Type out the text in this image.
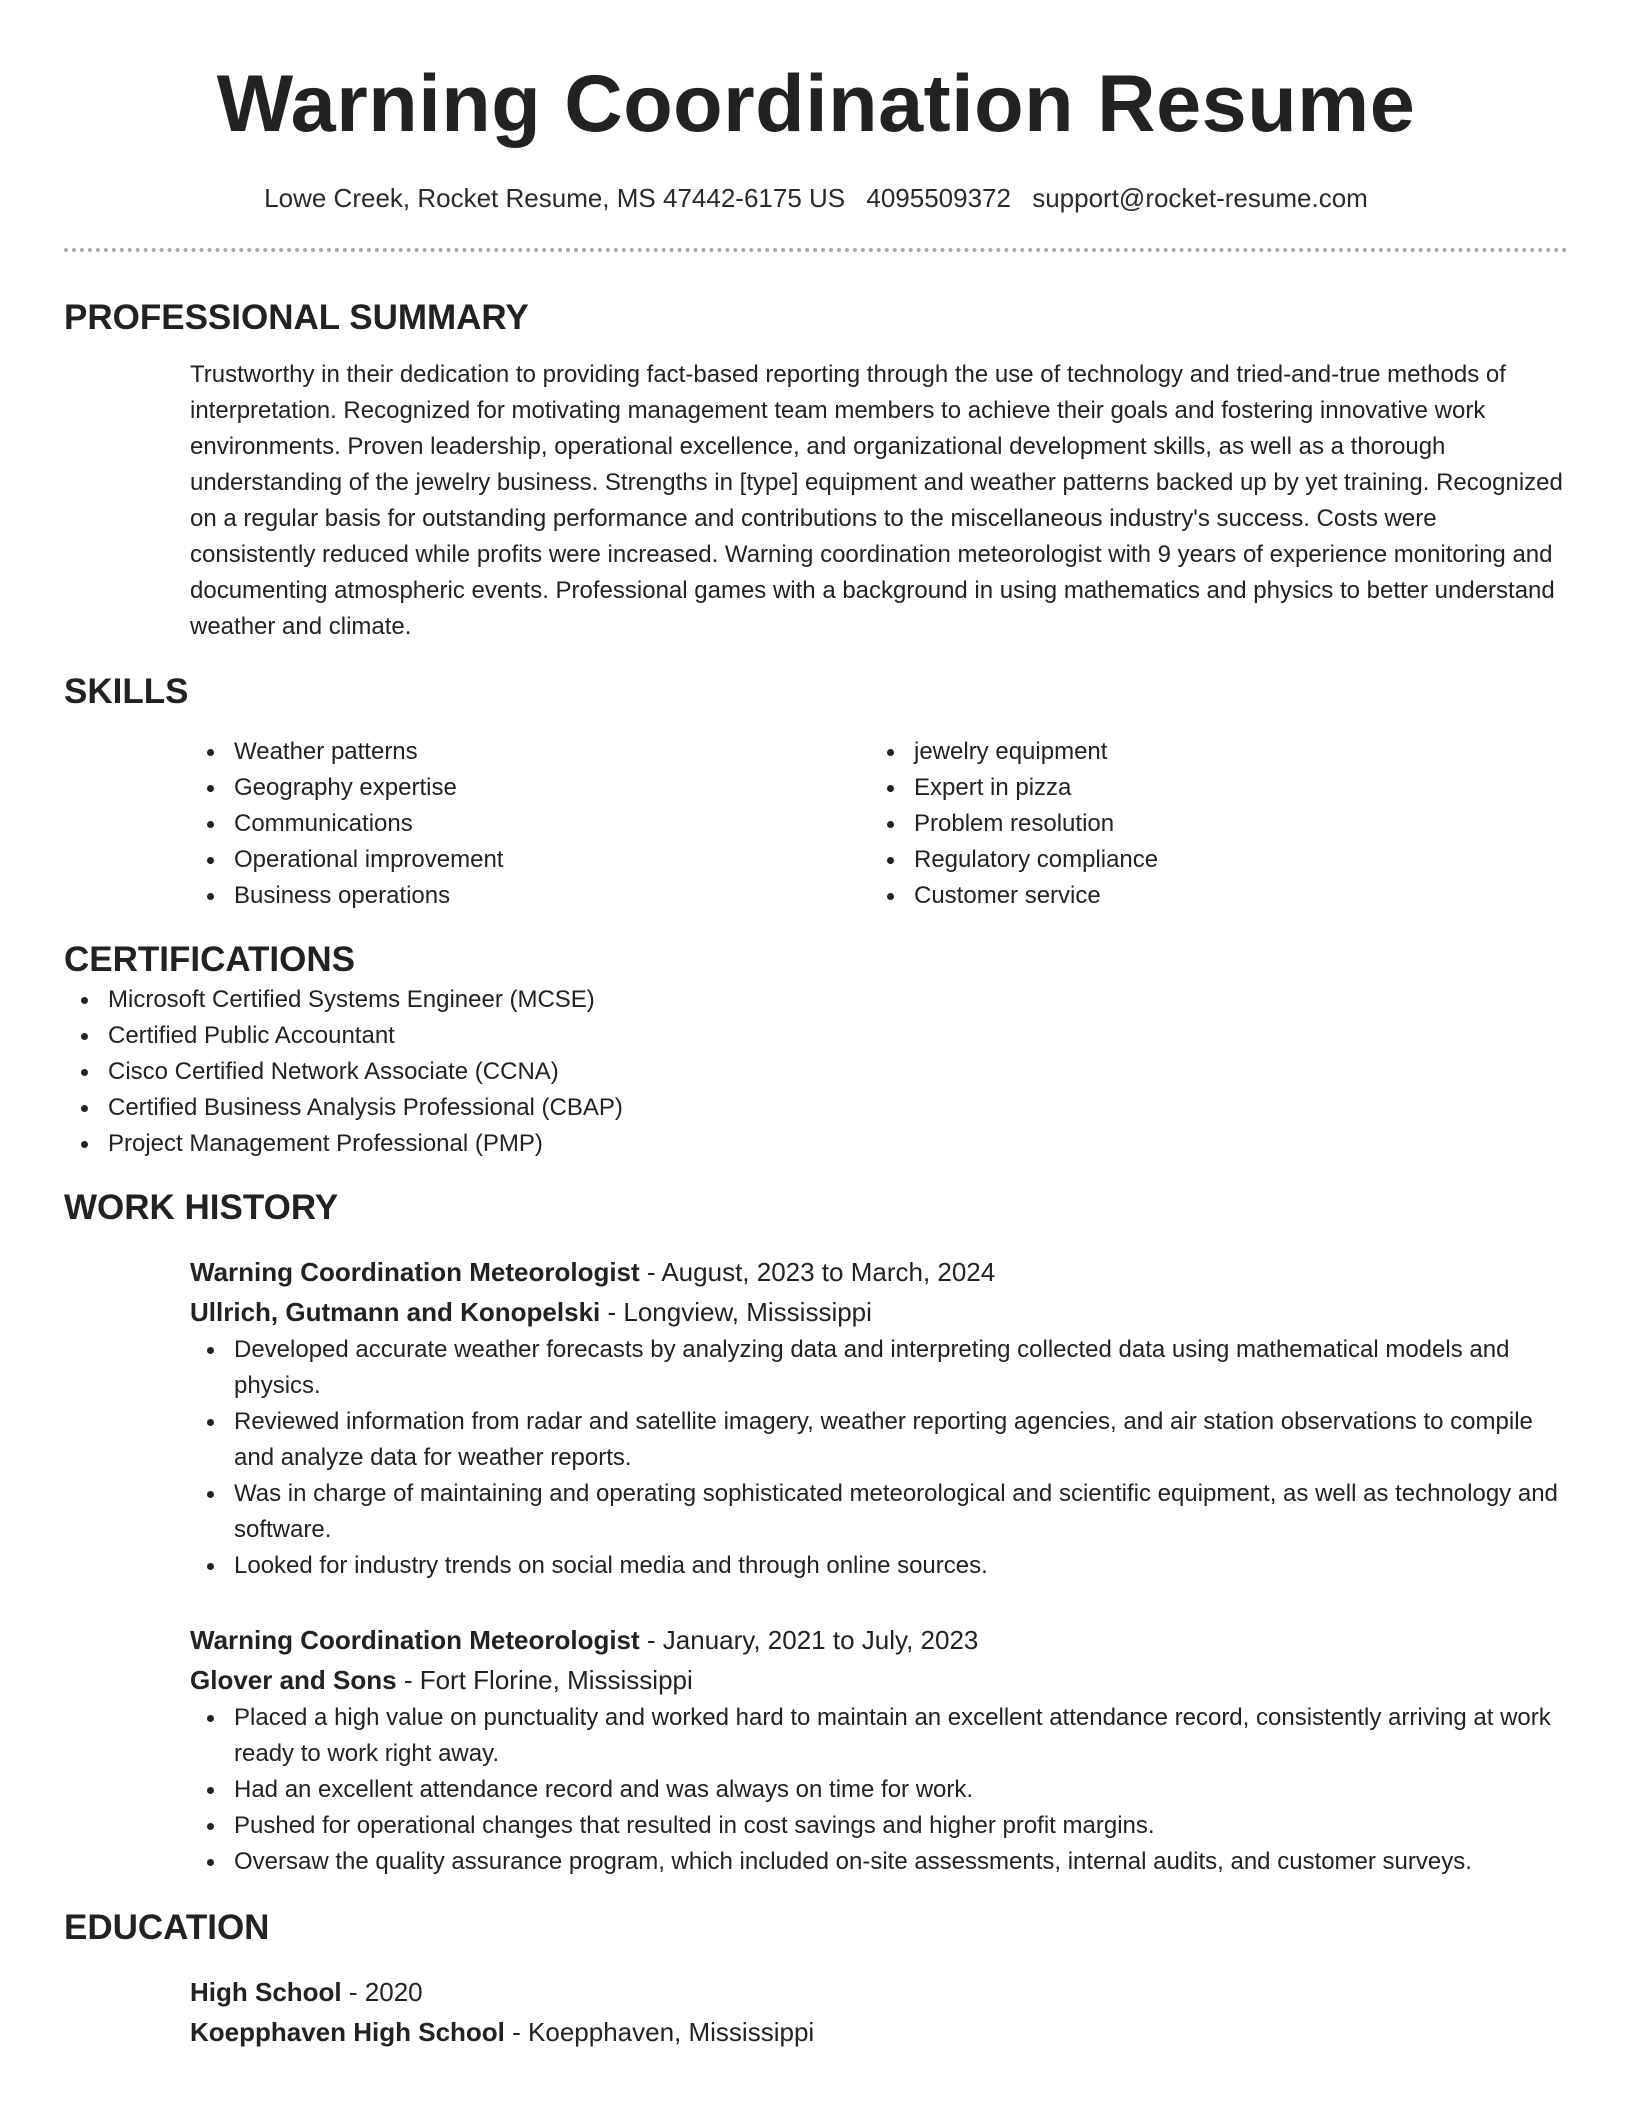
Warning Coordination Resume
Lowe Creek, Rocket Resume, MS 47442-6175 US 4095509372 support@rocket-resume.com
PROFESSIONAL SUMMARY

Trustworthy in their dedication to providing fact-based reporting through the use of technology and tried-and-true methods of interpretation. Recognized for motivating management team members to achieve their goals and fostering innovative work environments. Proven leadership, operational excellence, and organizational development skills, as well as a thorough understanding of the jewelry business. Strengths in [type] equipment and weather patterns backed up by yet training. Recognized on a regular basis for outstanding performance and contributions to the miscellaneous industry's success. Costs were consistently reduced while profits were increased. Warning coordination meteorologist with 9 years of experience monitoring and documenting atmospheric events. Professional games with a background in using mathematics and physics to better understand weather and climate.

SKILLS
Weather patterns
Geography expertise
Communications
Operational improvement
Business operations
jewelry equipment
Expert in pizza
Problem resolution
Regulatory compliance
Customer service
CERTIFICATIONS
Microsoft Certified Systems Engineer (MCSE)
Certified Public Accountant
Cisco Certified Network Associate (CCNA)
Certified Business Analysis Professional (CBAP)
Project Management Professional (PMP)
WORK HISTORY
Warning Coordination Meteorologist - August, 2023 to March, 2024
Ullrich, Gutmann and Konopelski - Longview, Mississippi
Developed accurate weather forecasts by analyzing data and interpreting collected data using mathematical models and physics.
Reviewed information from radar and satellite imagery, weather reporting agencies, and air station observations to compile and analyze data for weather reports.
Was in charge of maintaining and operating sophisticated meteorological and scientific equipment, as well as technology and software.
Looked for industry trends on social media and through online sources.
Warning Coordination Meteorologist - January, 2021 to July, 2023
Glover and Sons - Fort Florine, Mississippi
Placed a high value on punctuality and worked hard to maintain an excellent attendance record, consistently arriving at work ready to work right away.
Had an excellent attendance record and was always on time for work.
Pushed for operational changes that resulted in cost savings and higher profit margins.
Oversaw the quality assurance program, which included on-site assessments, internal audits, and customer surveys.
EDUCATION
High School - 2020
Koepphaven High School - Koepphaven, Mississippi
